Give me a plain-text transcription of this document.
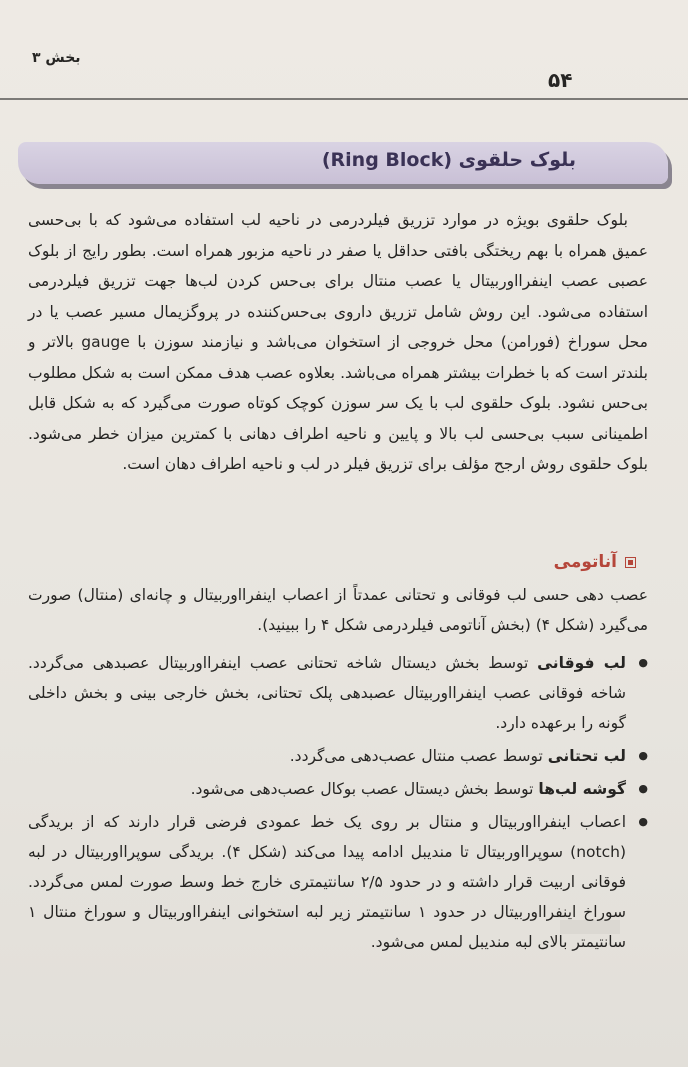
بخش ۳
۵۴
بلوک حلقوی (Ring Block)

بلوک حلقوی بویژه در موارد تزریق فیلردرمی در ناحیه لب استفاده می‌شود که با بی‌حسی عمیق همراه با بهم ریختگی بافتی حداقل یا صفر در ناحیه مزبور همراه است. بطور رایج از بلوک عصبی عصب اینفرااوربیتال یا عصب منتال برای بی‌حس کردن لب‌ها جهت تزریق فیلردرمی استفاده می‌شود. این روش شامل تزریق داروی بی‌حس‌کننده در پروگزیمال مسیر عصب یا در محل سوراخ (فورامن) محل خروجی از استخوان می‌باشد و نیازمند سوزن با gauge بالاتر و بلندتر است که با خطرات بیشتر همراه می‌باشد. بعلاوه عصب هدف ممکن است به شکل مطلوب بی‌حس نشود. بلوک حلقوی لب با یک سر سوزن کوچک کوتاه صورت می‌گیرد که به شکل قابل اطمینانی سبب بی‌حسی لب بالا و پایین و ناحیه اطراف دهانی با کمترین میزان خطر می‌شود. بلوک حلقوی روش ارجح مؤلف برای تزریق فیلر در لب و ناحیه اطراف دهان است.

آناتومی

عصب دهی حسی لب فوقانی و تحتانی عمدتاً از اعصاب اینفرااوربیتال و چانه‌ای (منتال) صورت می‌گیرد (شکل ۴) (بخش آناتومی فیلردرمی شکل ۴ را ببینید).

● لب فوقانی توسط بخش دیستال شاخه تحتانی عصب اینفرااوربیتال عصبدهی می‌گردد. شاخه فوقانی عصب اینفرااوربیتال عصبدهی پلک تحتانی، بخش خارجی بینی و بخش داخلی گونه را برعهده دارد.
● لب تحتانی توسط عصب منتال عصب‌دهی می‌گردد.
● گوشه لب‌ها توسط بخش دیستال عصب بوکال عصب‌دهی می‌شود.
● اعصاب اینفرااوربیتال و منتال بر روی یک خط عمودی فرضی قرار دارند که از بریدگی (notch) سوپرااوربیتال تا مندیبل ادامه پیدا می‌کند (شکل ۴). بریدگی سوپرااوربیتال در لبه فوقانی اربیت قرار داشته و در حدود ۲/۵ سانتیمتری خارج خط وسط صورت لمس می‌گردد. سوراخ اینفرااوربیتال در حدود ۱ سانتیمتر زیر لبه استخوانی اینفرااوربیتال و سوراخ منتال ۱ سانتیمتر بالای لبه مندیبل لمس می‌شود.
